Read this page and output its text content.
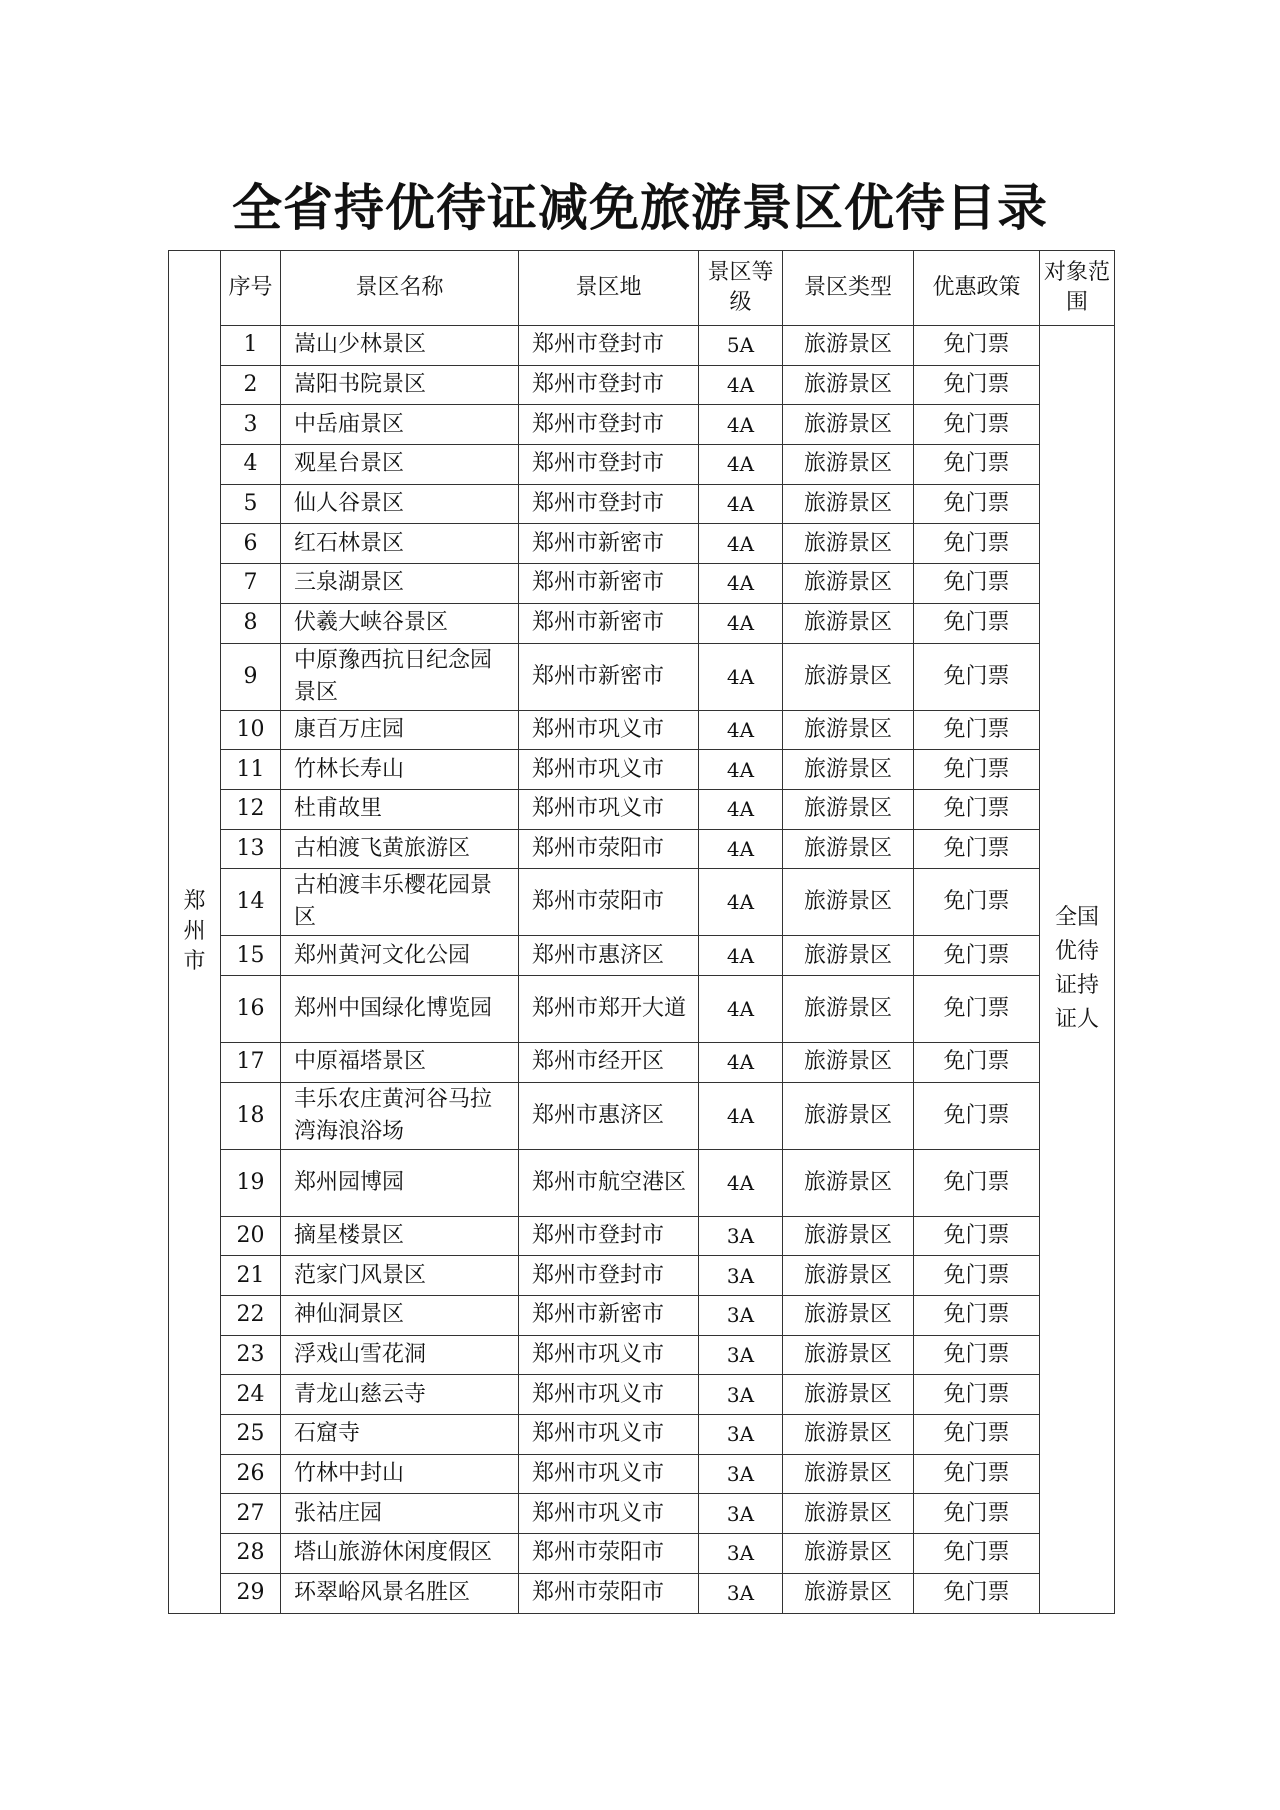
全省持优待证减免旅游景区优待目录
郑州市	序号	景区名称	景区地	景区等级	景区类型	优惠政策	对象范围
	1	嵩山少林景区	郑州市登封市	5A	旅游景区	免门票	全国优待证持证人
	2	嵩阳书院景区	郑州市登封市	4A	旅游景区	免门票	
	3	中岳庙景区	郑州市登封市	4A	旅游景区	免门票	
	4	观星台景区	郑州市登封市	4A	旅游景区	免门票	
	5	仙人谷景区	郑州市登封市	4A	旅游景区	免门票	
	6	红石林景区	郑州市新密市	4A	旅游景区	免门票	
	7	三泉湖景区	郑州市新密市	4A	旅游景区	免门票	
	8	伏羲大峡谷景区	郑州市新密市	4A	旅游景区	免门票	
	9	中原豫西抗日纪念园景区	郑州市新密市	4A	旅游景区	免门票	
	10	康百万庄园	郑州市巩义市	4A	旅游景区	免门票	
	11	竹林长寿山	郑州市巩义市	4A	旅游景区	免门票	
	12	杜甫故里	郑州市巩义市	4A	旅游景区	免门票	
	13	古柏渡飞黄旅游区	郑州市荥阳市	4A	旅游景区	免门票	
	14	古柏渡丰乐樱花园景区	郑州市荥阳市	4A	旅游景区	免门票	
	15	郑州黄河文化公园	郑州市惠济区	4A	旅游景区	免门票	
	16	郑州中国绿化博览园	郑州市郑开大道	4A	旅游景区	免门票	
	17	中原福塔景区	郑州市经开区	4A	旅游景区	免门票	
	18	丰乐农庄黄河谷马拉湾海浪浴场	郑州市惠济区	4A	旅游景区	免门票	
	19	郑州园博园	郑州市航空港区	4A	旅游景区	免门票	
	20	摘星楼景区	郑州市登封市	3A	旅游景区	免门票	
	21	范家门风景区	郑州市登封市	3A	旅游景区	免门票	
	22	神仙洞景区	郑州市新密市	3A	旅游景区	免门票	
	23	浮戏山雪花洞	郑州市巩义市	3A	旅游景区	免门票	
	24	青龙山慈云寺	郑州市巩义市	3A	旅游景区	免门票	
	25	石窟寺	郑州市巩义市	3A	旅游景区	免门票	
	26	竹林中封山	郑州市巩义市	3A	旅游景区	免门票	
	27	张祜庄园	郑州市巩义市	3A	旅游景区	免门票	
	28	塔山旅游休闲度假区	郑州市荥阳市	3A	旅游景区	免门票	
	29	环翠峪风景名胜区	郑州市荥阳市	3A	旅游景区	免门票	
